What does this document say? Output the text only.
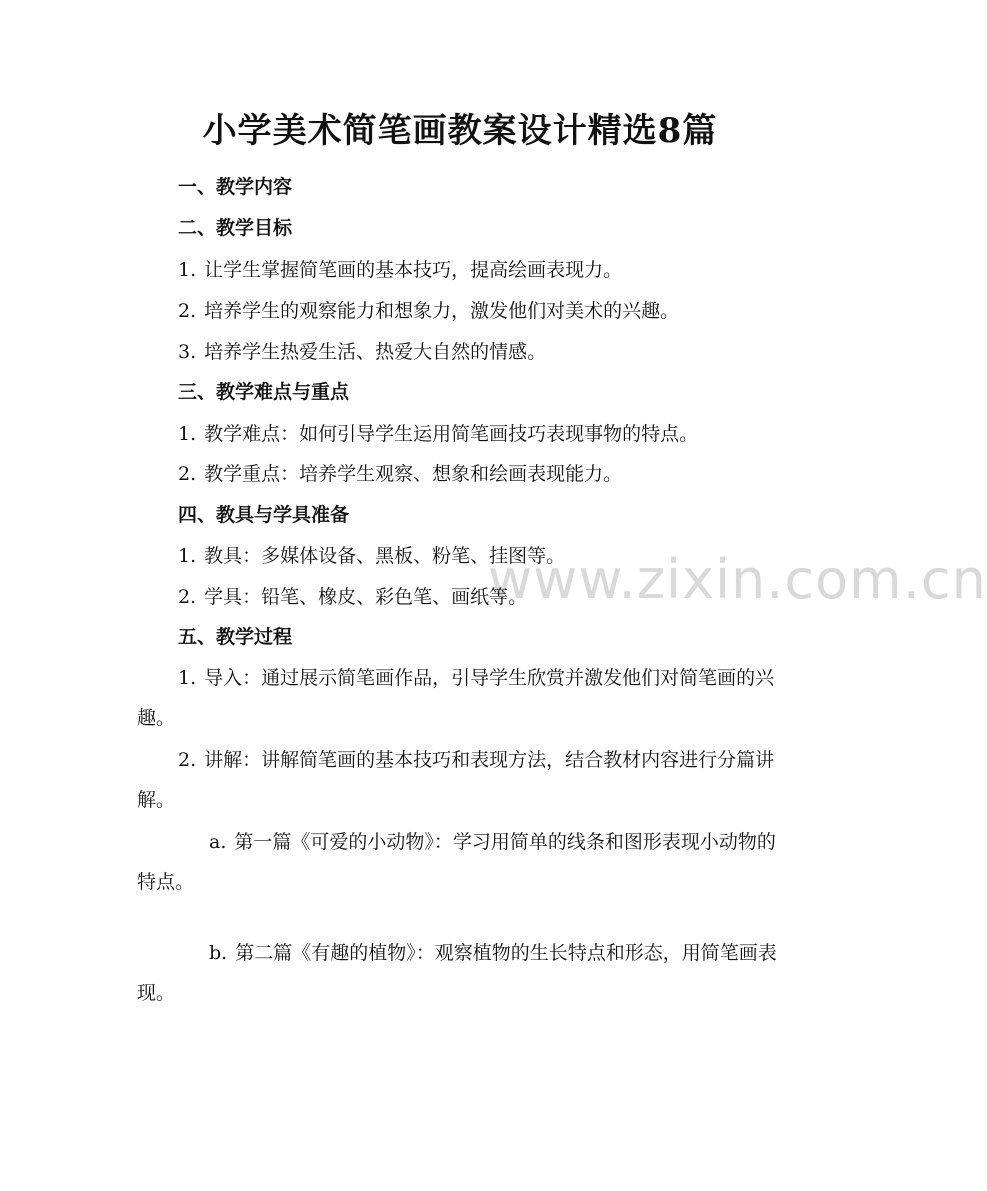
www.zixin.com.cn
小学美术简笔画教案设计精选8篇
一、教学内容
二、教学目标
1. 让学生掌握简笔画的基本技巧，提高绘画表现力。
2. 培养学生的观察能力和想象力，激发他们对美术的兴趣。
3. 培养学生热爱生活、热爱大自然的情感。
三、教学难点与重点
1. 教学难点：如何引导学生运用简笔画技巧表现事物的特点。
2. 教学重点：培养学生观察、想象和绘画表现能力。
四、教具与学具准备
1. 教具：多媒体设备、黑板、粉笔、挂图等。
2. 学具：铅笔、橡皮、彩色笔、画纸等。
五、教学过程
1. 导入：通过展示简笔画作品，引导学生欣赏并激发他们对简笔画的兴趣。
2. 讲解：讲解简笔画的基本技巧和表现方法，结合教材内容进行分篇讲解。
a. 第一篇《可爱的小动物》：学习用简单的线条和图形表现小动物的特点。
b. 第二篇《有趣的植物》：观察植物的生长特点和形态，用简笔画表现。
